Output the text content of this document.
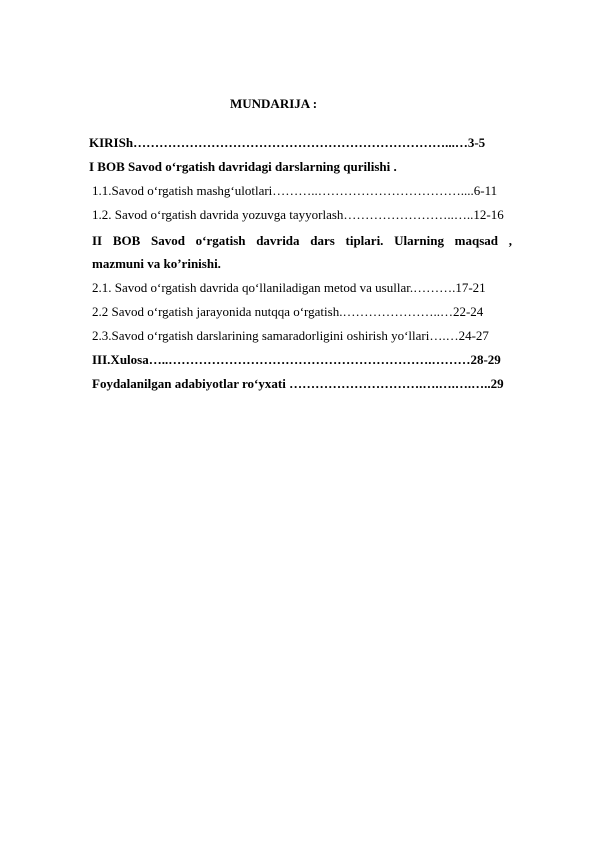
MUNDARIJA :
KIRISh………………………………………………………………...…3-5
I BOB Savod o‘rgatish davridagi darslarning qurilishi .
1.1.Savod o‘rgatish mashg‘ulotlari………..……………………………....6-11
1.2. Savod o‘rgatish davrida yozuvga tayyorlash……………………..…..12-16
II BOB Savod o‘rgatish davrida dars tiplari. Ularning maqsad ,
mazmuni va ko’rinishi.
2.1. Savod o‘rgatish davrida qo‘llaniladigan metod va usullar.……….17-21
2.2 Savod o‘rgatish jarayonida nutqqa o‘rgatish.…………………..…22-24
2.3.Savod o‘rgatish darslarining samaradorligini oshirish yo‘llari….…24-27
III.Xulosa…..…………………………………………………….………28-29
Foydalanilgan adabiyotlar ro‘yxati ………………………….….….….…..29
